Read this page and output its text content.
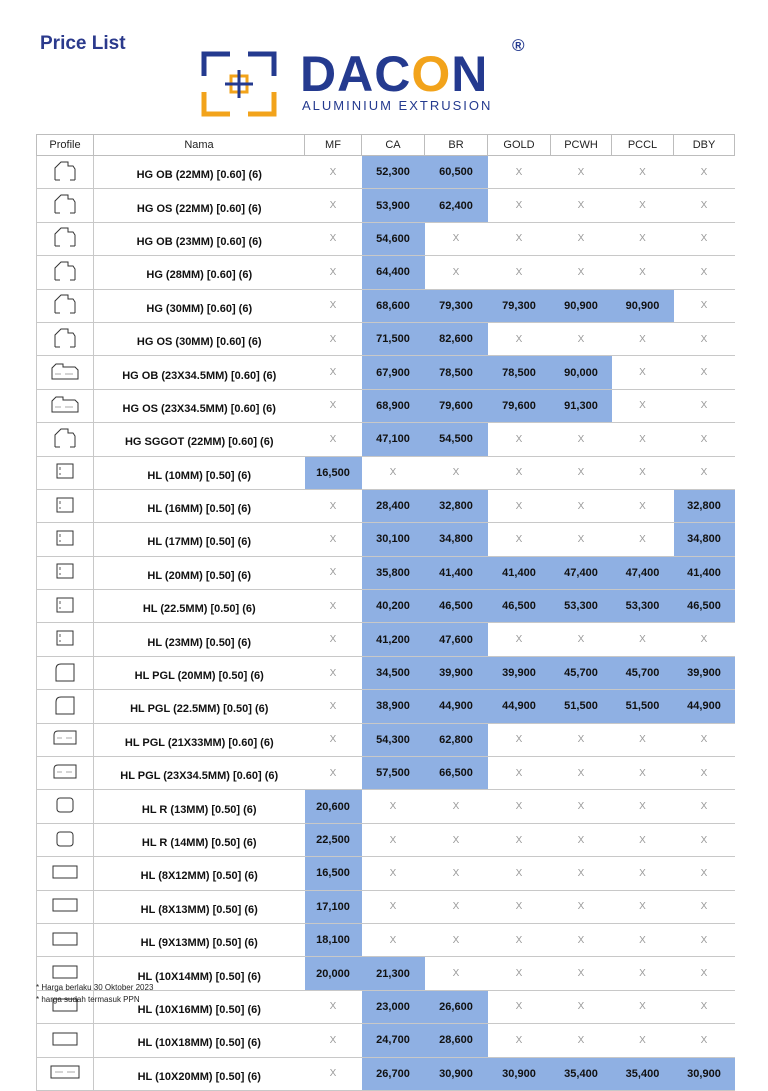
Price List
DACON
®
ALUMINIUM EXTRUSION
Profile	Nama	MF	CA	BR	GOLD	PCWH	PCCL	DBY
	HG OB (22MM) [0.60] (6)	X	52,300	60,500	X	X	X	X
	HG OS (22MM) [0.60] (6)	X	53,900	62,400	X	X	X	X
	HG OB (23MM) [0.60] (6)	X	54,600	X	X	X	X	X
	HG (28MM) [0.60] (6)	X	64,400	X	X	X	X	X
	HG (30MM) [0.60] (6)	X	68,600	79,300	79,300	90,900	90,900	X
	HG OS (30MM) [0.60] (6)	X	71,500	82,600	X	X	X	X
	HG OB (23X34.5MM) [0.60] (6)	X	67,900	78,500	78,500	90,000	X	X
	HG OS (23X34.5MM) [0.60] (6)	X	68,900	79,600	79,600	91,300	X	X
	HG SGGOT (22MM) [0.60] (6)	X	47,100	54,500	X	X	X	X
	HL (10MM) [0.50] (6)	16,500	X	X	X	X	X	X
	HL (16MM) [0.50] (6)	X	28,400	32,800	X	X	X	32,800
	HL (17MM) [0.50] (6)	X	30,100	34,800	X	X	X	34,800
	HL (20MM) [0.50] (6)	X	35,800	41,400	41,400	47,400	47,400	41,400
	HL (22.5MM) [0.50] (6)	X	40,200	46,500	46,500	53,300	53,300	46,500
	HL (23MM) [0.50] (6)	X	41,200	47,600	X	X	X	X
	HL PGL (20MM) [0.50] (6)	X	34,500	39,900	39,900	45,700	45,700	39,900
	HL PGL (22.5MM) [0.50] (6)	X	38,900	44,900	44,900	51,500	51,500	44,900
	HL PGL (21X33MM) [0.60] (6)	X	54,300	62,800	X	X	X	X
	HL PGL (23X34.5MM) [0.60] (6)	X	57,500	66,500	X	X	X	X
	HL R (13MM) [0.50] (6)	20,600	X	X	X	X	X	X
	HL R (14MM) [0.50] (6)	22,500	X	X	X	X	X	X
	HL (8X12MM) [0.50] (6)	16,500	X	X	X	X	X	X
	HL (8X13MM) [0.50] (6)	17,100	X	X	X	X	X	X
	HL (9X13MM) [0.50] (6)	18,100	X	X	X	X	X	X
	HL (10X14MM) [0.50] (6)	20,000	21,300	X	X	X	X	X
	HL (10X16MM) [0.50] (6)	X	23,000	26,600	X	X	X	X
	HL (10X18MM) [0.50] (6)	X	24,700	28,600	X	X	X	X
	HL (10X20MM) [0.50] (6)	X	26,700	30,900	30,900	35,400	35,400	30,900
* Harga berlaku 30 Oktober 2023
* harga sudah termasuk PPN
